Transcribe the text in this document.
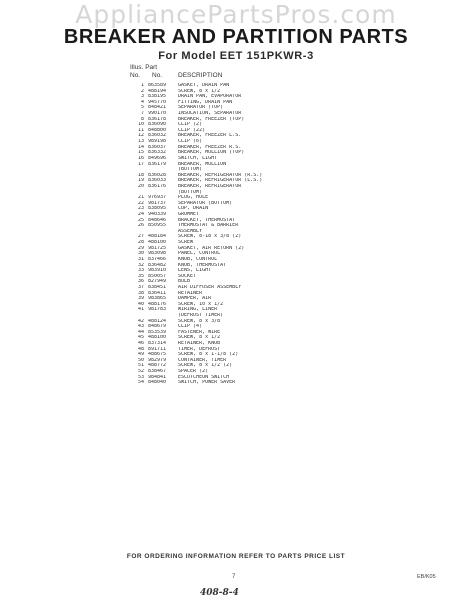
AppliancePartsPros.com
BREAKER AND PARTITION PARTS
For Model EET 151PKWR-3
Illus. Part
No. No. DESCRIPTION
1 863589 GASKET, DRAIN PAN
2 488194 SCREW, 8 x 1/2
3 838195 DRAIN PAN, EVAPORATOR
4 945770 FITTING, DRAIN PAN
5 848421 SEPARATOR (TOP)
7 990170 INSULATION, SEPARATOR
8 836178 BREAKER, FREEZER (TOP)
10 836090 CLIP (2)
11 848800 CLIP (22)
12 836032 BREAKER, FREEZER L.S.
13 989198 CLIP (6)
14 836037 BREAKER, FREEZER R.S.
15 836332 BREAKER, MULLION (TOP)
16 849696 SWITCH, LIGHT
17 836179 BREAKER, MULLION
(BOTTOM)
18 836028 BREAKER, REFRIGERATOR (R.S.)
19 836033 BREAKER, REFRIGERATOR (L.S.)
20 836176 BREAKER, REFRIGERATOR
(BOTTOM)
21 976937 PLUG, HOLE
22 981737 SEPARATOR (BOTTOM)
23 838095 CUP, DRAIN
24 940339 GROMMET
25 848646 BRACKET, THERMOSTAT
26 850955 THERMOSTAT & BARRIER
ASSEMBLY
27 488184 SCREW, 8-18 x 3/8 (2)
28 488100 SCREW
29 981725 GASKET, AIR RETURN (2)
30 983098 PANEL, CONTROL
31 837466 KNOB, CONTROL
32 836482 KNOB, THERMOSTAT
33 983910 LENS, LIGHT
35 850057 SOCKET
36 827949 BULB
37 838451 AIR DIFFUSER ASSEMBLY
38 836411 RETAINER
39 983865 DAMPER, AIR
40 488176 SCREW, 10 x 1/2
41 981783 WIRING, LINER
(DEFROST TIMER)
42 488124 SCREW, 8 x 3/8
43 848679 CLIP (4)
44 853539 FASTENER, WIRE
45 488100 SCREW, 8 x 1/2
46 837314 RETAINER, KNOB
48 891711 TIMER, DEFROST
49 488675 SCREW, 8 x 1-1/8 (2)
50 982979 CONTAINER, TIMER
51 488772 SCREW, 8 x 1/2 (2)
52 838467 SPACER (2)
53 984841 ESCUTCHEON SWITCH
54 848040 SWITCH, POWER SAVER
FOR ORDERING INFORMATION REFER TO PARTS PRICE LIST
7	EB/K05
408-8-4
